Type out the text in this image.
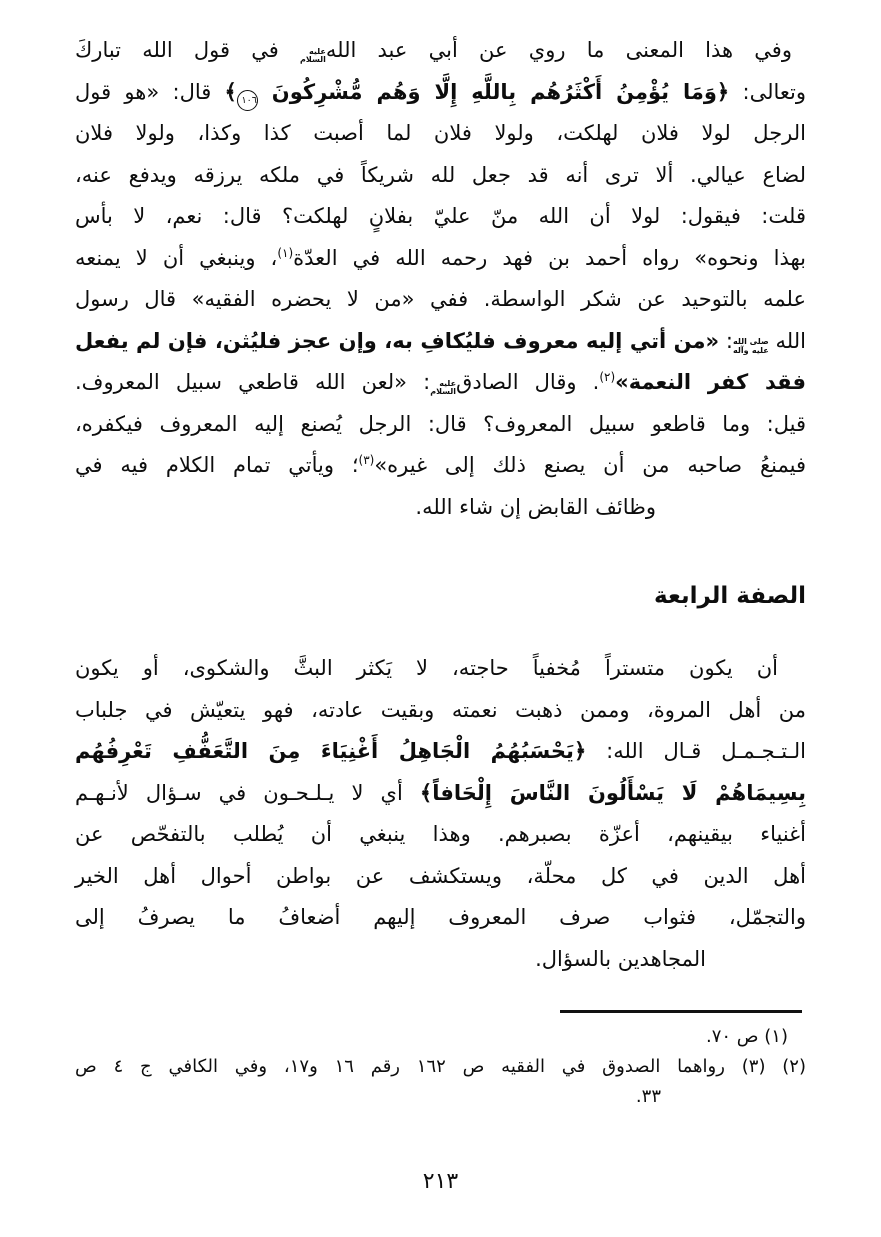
وفي هذا المعنى ما روي عن أبي عبد اللهعليه
السلام في قول الله تباركَ
وتعالى: ﴿وَمَا يُؤْمِنُ أَكْثَرُهُم بِاللَّهِ إِلَّا وَهُم مُّشْرِكُونَ ١٠٦﴾ قال: «هو قول
الرجل لولا فلان لهلكت، ولولا فلان لما أصبت كذا وكذا، ولولا فلان
لضاع عيالي. ألا ترى أنه قد جعل لله شريكاً في ملكه يرزقه ويدفع عنه،
قلت: فيقول: لولا أن الله منّ عليّ بفلانٍ لهلكت؟ قال: نعم، لا بأس
بهذا ونحوه» رواه أحمد بن فهد رحمه الله في العدّة$^{(١)}$، وينبغي أن لا يمنعه
علمه بالتوحيد عن شكر الواسطة. ففي «من لا يحضره الفقيه» قال رسول
الله صلى الله
عليه وآله: «من أتي إليه معروف فليُكافِ به، وإن عجز فليُثن، فإن لم يفعل
فقد كفر النعمة»$^{(٢)}$. وقال الصادقعليه
السلام: «لعن الله قاطعي سبيل المعروف.
قيل: وما قاطعو سبيل المعروف؟ قال: الرجل يُصنع إليه المعروف فيكفره،
فيمنعُ صاحبه من أن يصنع ذلك إلى غيره»$^{(٣)}$؛ ويأتي تمام الكلام فيه في
وظائف القابض إن شاء الله.
الصفة الرابعة
أن يكون متستراً مُخفياً حاجته، لا يَكثر البثَّ والشكوى، أو يكون
من أهل المروة، وممن ذهبت نعمته وبقيت عادته، فهو يتعيّش في جلباب
الـتـجـمـل قـال الله: ﴿يَحْسَبُهُمُ الْجَاهِلُ أَغْنِيَاءَ مِنَ التَّعَفُّفِ تَعْرِفُهُم
بِسِيمَاهُمْ لَا يَسْأَلُونَ النَّاسَ إِلْحَافاً﴾ أي لا يـلـحـون في سـؤال لأنـهـم
أغنياء بيقينهم، أعزّة بصبرهم. وهذا ينبغي أن يُطلب بالتفحّص عن
أهل الدين في كل محلّة، ويستكشف عن بواطن أحوال أهل الخير
والتجمّل، فثواب صرف المعروف إليهم أضعافُ ما يصرفُ إلى
المجاهدين بالسؤال.
(١) ص ٧٠.
(٢) (٣) رواهما الصدوق في الفقيه ص ١٦٢ رقم ١٦ و١٧، وفي الكافي ج ٤ ص
٣٣.
٢١٣
